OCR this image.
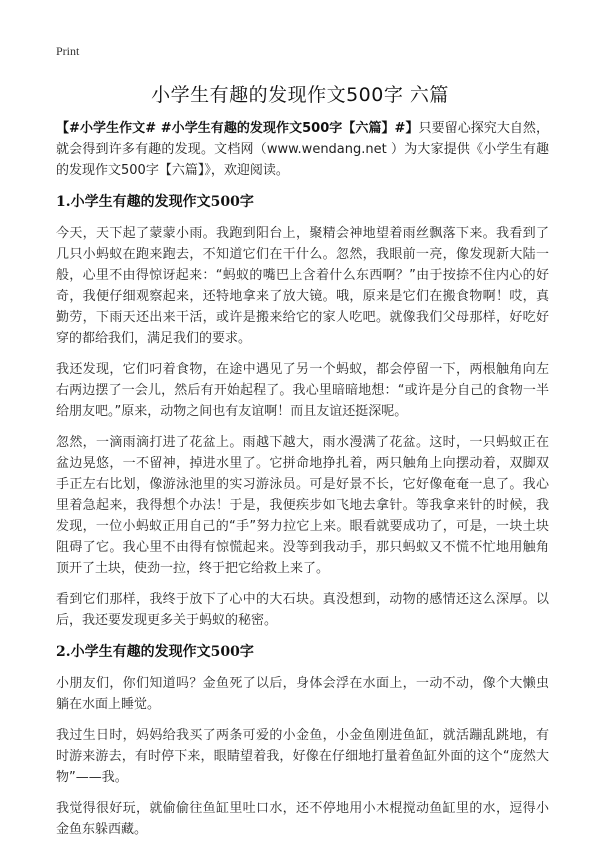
Print
小学生有趣的发现作文500字 六篇

【#小学生作文# #小学生有趣的发现作文500字【六篇】#】只要留心探究大自然，就会得到许多有趣的发现。文档网（www.wendang.net ）为大家提供《小学生有趣的发现作文500字【六篇】》，欢迎阅读。

1.小学生有趣的发现作文500字

今天，天下起了蒙蒙小雨。我跑到阳台上，聚精会神地望着雨丝飘落下来。我看到了几只小蚂蚁在跑来跑去，不知道它们在干什么。忽然，我眼前一亮，像发现新大陆一般，心里不由得惊讶起来：“蚂蚁的嘴巴上含着什么东西啊？”由于按捺不住内心的好奇，我便仔细观察起来，还特地拿来了放大镜。哦，原来是它们在搬食物啊！哎，真勤劳，下雨天还出来干活，或许是搬来给它的家人吃吧。就像我们父母那样，好吃好穿的都给我们，满足我们的要求。

我还发现，它们叼着食物，在途中遇见了另一个蚂蚁，都会停留一下，两根触角向左右两边摆了一会儿，然后有开始起程了。我心里暗暗地想：“或许是分自己的食物一半给朋友吧。”原来，动物之间也有友谊啊！而且友谊还挺深呢。

忽然，一滴雨滴打进了花盆上。雨越下越大，雨水漫满了花盆。这时，一只蚂蚁正在盆边晃悠，一不留神，掉进水里了。它拼命地挣扎着，两只触角上向摆动着，双脚双手正左右比划，像游泳池里的实习游泳员。可是好景不长，它好像奄奄一息了。我心里着急起来，我得想个办法！于是，我便疾步如飞地去拿针。等我拿来针的时候，我发现，一位小蚂蚁正用自己的“手”努力拉它上来。眼看就要成功了，可是，一块土块阻碍了它。我心里不由得有惊慌起来。没等到我动手，那只蚂蚁又不慌不忙地用触角顶开了土块，使劲一拉，终于把它给救上来了。

看到它们那样，我终于放下了心中的大石块。真没想到，动物的感情还这么深厚。以后，我还要发现更多关于蚂蚁的秘密。

2.小学生有趣的发现作文500字

小朋友们，你们知道吗？金鱼死了以后，身体会浮在水面上，一动不动，像个大懒虫躺在水面上睡觉。

我过生日时，妈妈给我买了两条可爱的小金鱼，小金鱼刚进鱼缸，就活蹦乱跳地，有时游来游去，有时停下来，眼睛望着我，好像在仔细地打量着鱼缸外面的这个“庞然大物”——我。

我觉得很好玩，就偷偷往鱼缸里吐口水，还不停地用小木棍搅动鱼缸里的水，逗得小金鱼东躲西藏。
